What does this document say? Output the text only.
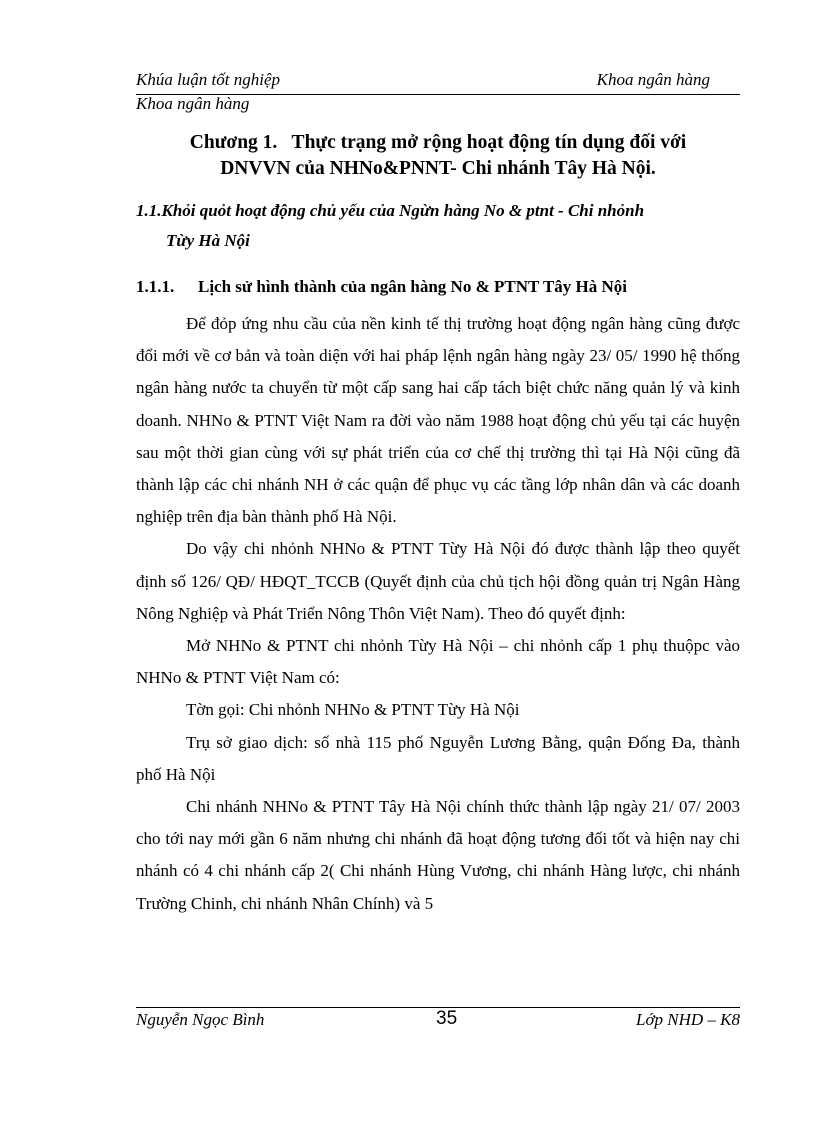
Khúa luận tốt nghiệp	Khoa ngân hàng
Khoa ngân hàng
Chương 1.   Thực trạng mở rộng hoạt động tín dụng đối với
DNVVN của NHNo&PNNT- Chi nhánh Tây Hà Nội.
1.1.Khỏi quỏt hoạt động chủ yếu của Ngừn hàng No & ptnt - Chi nhỏnh
Từy Hà Nội
1.1.1. Lịch sử hình thành của ngân hàng No & PTNT Tây Hà Nội

Để đỏp ứng nhu cầu của nền kinh tế thị trường hoạt động ngân hàng cũng được đổi mới về cơ bản và toàn diện với hai pháp lệnh ngân hàng ngày 23/ 05/ 1990 hệ thống ngân hàng nước ta chuyển từ một cấp sang hai cấp tách biệt chức năng quản lý và kinh doanh. NHNo & PTNT Việt Nam ra đời vào năm 1988 hoạt động chủ yếu tại các huyện sau một thời gian cùng với sự phát triển của cơ chế thị trường thì tại Hà Nội cũng đã thành lập các chi nhánh NH ở các quận để phục vụ các tầng lớp nhân dân và các doanh nghiệp trên địa bàn thành phố Hà Nội.

Do vậy chi nhỏnh NHNo & PTNT Từy Hà Nội đó được thành lập theo quyết định số 126/ QĐ/ HĐQT_TCCB (Quyết định của chủ tịch hội đồng quản trị Ngân Hàng Nông Nghiệp và Phát Triển Nông Thôn Việt Nam). Theo đó quyết định:

Mở NHNo & PTNT chi nhỏnh Từy Hà Nội – chi nhỏnh cấp 1 phụ thuộpc vào NHNo & PTNT Việt Nam có:

Tờn gọi: Chi nhỏnh NHNo & PTNT Từy Hà Nội

Trụ sở giao dịch: số nhà 115 phố Nguyễn Lương Bằng, quận Đống Đa, thành phố Hà Nội

Chi nhánh NHNo & PTNT Tây Hà Nội chính thức thành lập ngày 21/ 07/ 2003 cho tới nay mới gần 6 năm nhưng chi nhánh đã hoạt động tương đối tốt và hiện nay chi nhánh có 4 chi nhánh cấp 2( Chi nhánh Hùng Vương, chi nhánh Hàng lược, chi nhánh Trường Chinh, chi nhánh Nhân Chính) và 5

Nguyễn Ngọc Bình	35	Lớp NHD – K8
